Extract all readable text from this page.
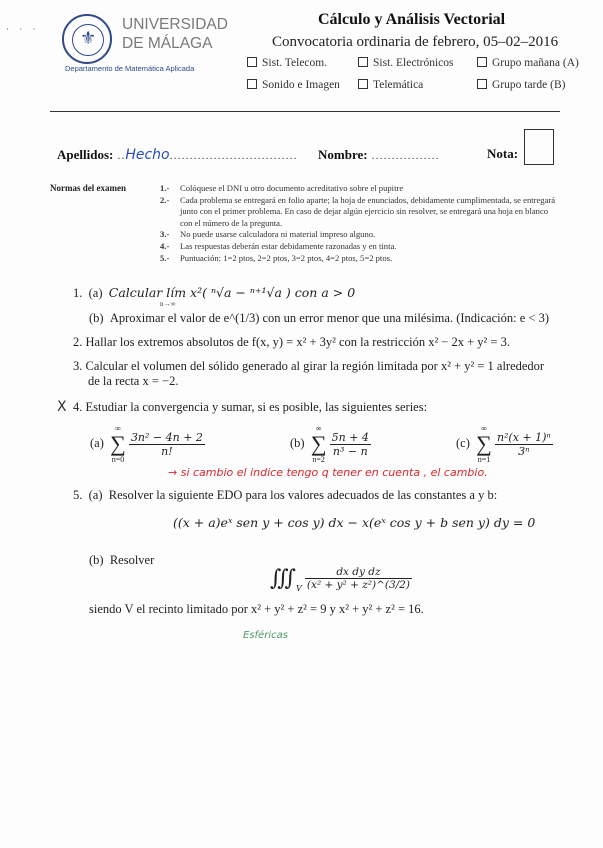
· · · ⚜
UNIVERSIDAD
DE MÁLAGA
Departamento de Matemática Aplicada
Cálculo y Análisis Vectorial
Convocatoria ordinaria de febrero, 05–02–2016
Sist. Telecom.	Sist. Electrónicos	Grupo mañana (A)
Sonido e Imagen	Telemática	Grupo tarde (B)
Apellidos: ..Hecho................................ Nombre: .................	Nota:
Normas del examen	1.-	Colóquese el DNI u otro documento acreditativo sobre el pupitre
2.-	Cada problema se entregará en folio aparte; la hoja de enunciados, debidamente cumplimentada, se entregará junto con el primer problema. En caso de dejar algún ejercicio sin resolver, se entregará una hoja en blanco con el número de la pregunta.
3.-	No puede usarse calculadora ni material impreso alguno.
4.-	Las respuestas deberán estar debidamente razonadas y en tinta.
5.-	Puntuación: 1=2 ptos, 2=2 ptos, 3=2 ptos, 4=2 ptos, 5=2 ptos.
1. (a) Calcular lím x²( ⁿ√a − ⁿ⁺¹√a ) con a > 0
n→∞
(b) Aproximar el valor de e^(1/3) con un error menor que una milésima. (Indicación: e < 3)
2. Hallar los extremos absolutos de f(x, y) = x² + 3y² con la restricción x² − 2x + y² = 3.
3. Calcular el volumen del sólido generado al girar la región limitada por x² + y² = 1 alrededor
de la recta x = −2.
X 4. Estudiar la convergencia y sumar, si es posible, las siguientes series:
(a)
∞
∑
n=0

$\frac{\text{3n² − 4n + 2}}{n!}$	(b)
∞
∑
n=2

$\frac{5n + 4}{\text{n³ − n}}$	(c)
∞
∑
n=1

$\frac{\text{n²(x + 1)ⁿ}}{\text{3ⁿ}}$
→ si cambio el indice tengo q tener en cuenta , el cambio.
5. (a) Resolver la siguiente EDO para los valores adecuados de las constantes a y b:
((x + a)eˣ sen y + cos y) dx − x(eˣ cos y + b sen y) dy = 0
(b) Resolver
$∭_V \frac{\text{dx dy dz}}{\text{(x² + y² + z²)\textasciicircum{}(3/2)}}$
siendo V el recinto limitado por x² + y² + z² = 9 y x² + y² + z² = 16.
Esféricas
